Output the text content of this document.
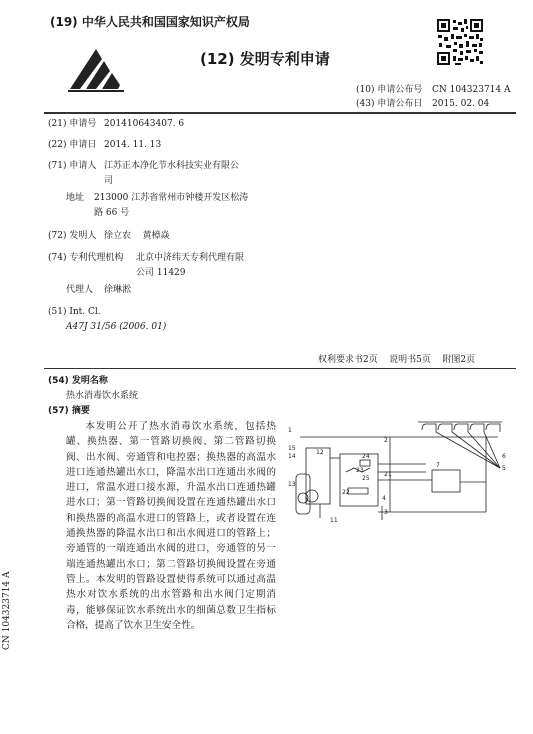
(19) 中华人民共和国国家知识产权局
(12) 发明专利申请
(10) 申请公布号 CN 104323714 A
(43) 申请公布日 2015. 02. 04
(21) 申请号 201410643407. 6
(22) 申请日 2014. 11. 13
(71) 申请人 江苏正本净化节水科技实业有限公
司
地址 213000 江苏省常州市钟楼开发区松涛
路 66 号
(72) 发明人 徐立农    黄樟焱
(74) 专利代理机构 北京中济纬天专利代理有限
公司 11429
代理人 徐琳淞
(51) Int. Cl.
A47J 31/56 (2006. 01)
权利要求书2页    说明书5页    附图2页
(54) 发明名称
热水消毒饮水系统
(57) 摘要
本发明公开了热水消毒饮水系统，包括热罐、换热器、第一管路切换阀、第二管路切换阀、出水阀、旁通管和电控器；换热器的高温水进口连通热罐出水口，降温水出口连通出水阀的进口，常温水进口接水源，升温水出口连通热罐进水口；第一管路切换阀设置在连通热罐出水口和换热器的高温水进口的管路上，或者设置在连通换热器的降温水出口和出水阀进口的管路上；旁通管的一端连通出水阀的进口，旁通管的另一端连通热罐出水口；第二管路切换阀设置在旁通管上。本发明的管路设置使得系统可以通过高温热水对饮水系统的出水管路和出水阀门定期消毒，能够保证饮水系统出水的细菌总数卫生指标合格，提高了饮水卫生安全性。
1
2
3
4
5
6
7
11
12
13
14
15
21
22
23
24
25
CN 104323714 A
